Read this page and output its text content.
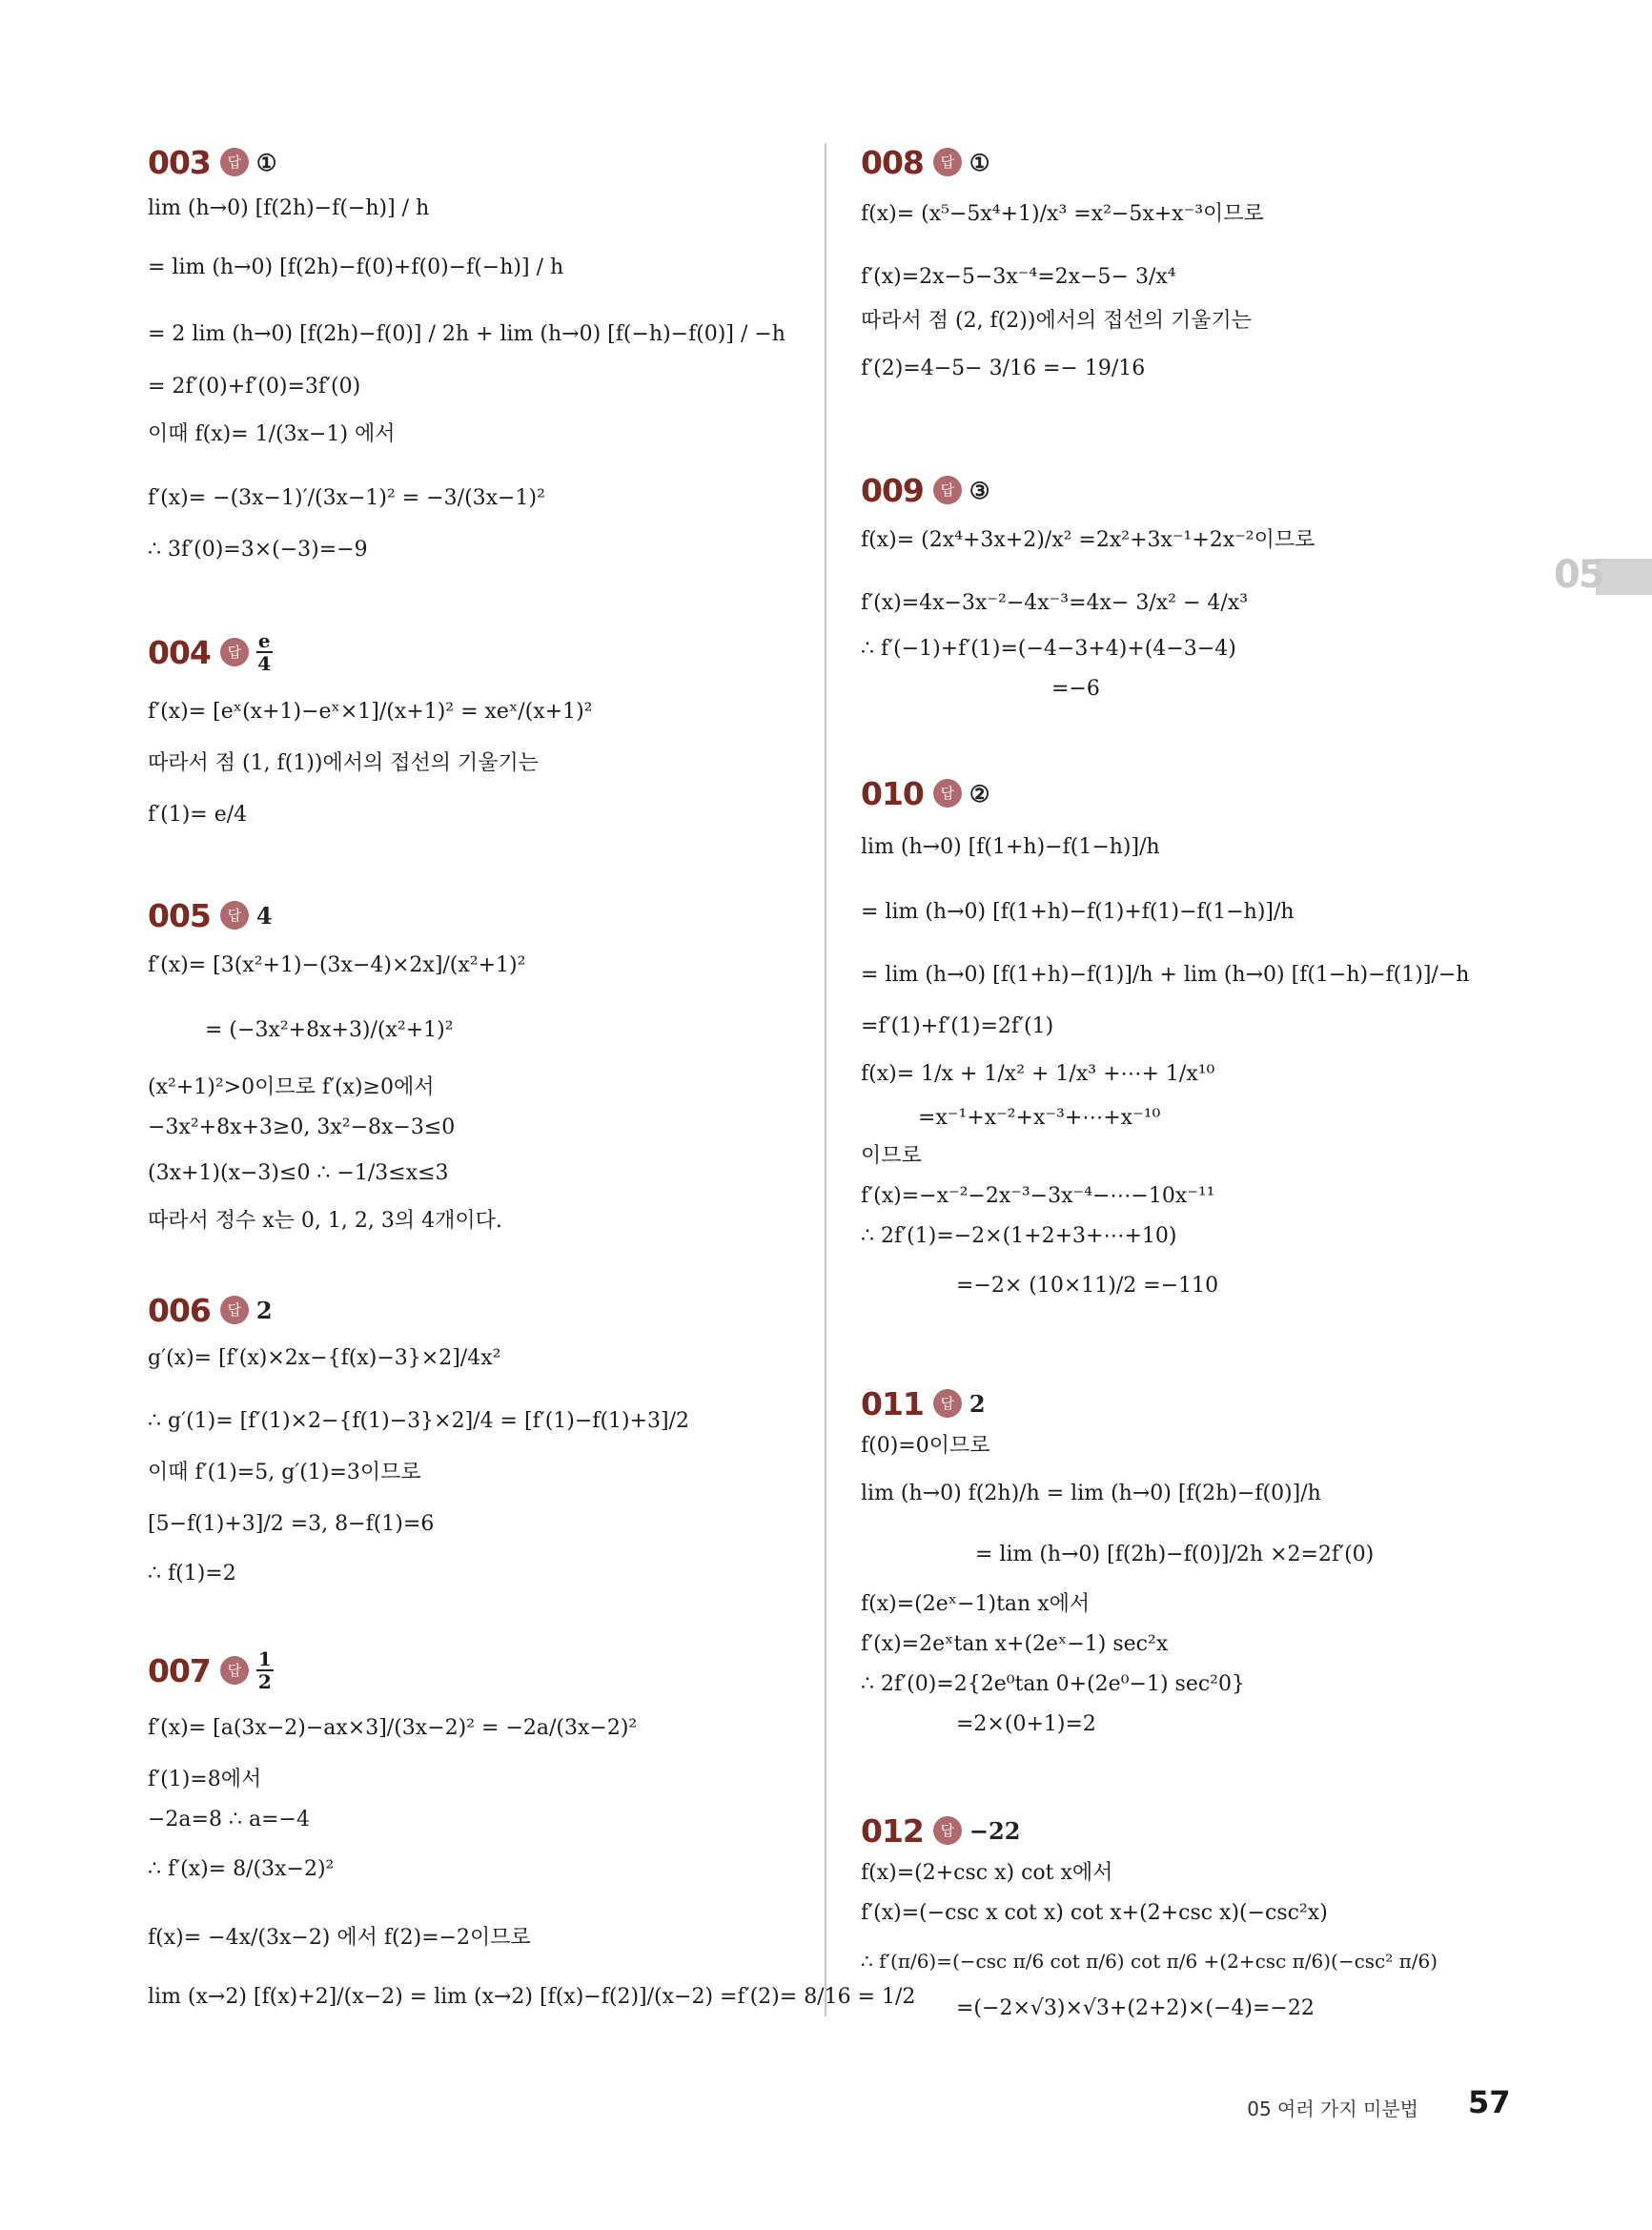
003	답 ①
lim (h→0) [f(2h)−f(−h)] / h
= lim (h→0) [f(2h)−f(0)+f(0)−f(−h)] / h
= 2 lim (h→0) [f(2h)−f(0)] / 2h + lim (h→0) [f(−h)−f(0)] / −h
= 2f′(0)+f′(0)=3f′(0)
이때 f(x)= 1/(3x−1) 에서
f′(x)= −(3x−1)′/(3x−1)² = −3/(3x−1)²
∴ 3f′(0)=3×(−3)=−9
004	답 $\frac{e}{4}$
f′(x)= [eˣ(x+1)−eˣ×1]/(x+1)² = xeˣ/(x+1)²
따라서 점 (1, f(1))에서의 접선의 기울기는
f′(1)= e/4
005	답 4
f′(x)= [3(x²+1)−(3x−4)×2x]/(x²+1)²
= (−3x²+8x+3)/(x²+1)²
(x²+1)²>0이므로 f′(x)≥0에서
−3x²+8x+3≥0, 3x²−8x−3≤0
(3x+1)(x−3)≤0 ∴ −1/3≤x≤3
따라서 정수 x는 0, 1, 2, 3의 4개이다.
006	답 2
g′(x)= [f′(x)×2x−{f(x)−3}×2]/4x²
∴ g′(1)= [f′(1)×2−{f(1)−3}×2]/4 = [f′(1)−f(1)+3]/2
이때 f′(1)=5, g′(1)=3이므로
[5−f(1)+3]/2 =3, 8−f(1)=6
∴ f(1)=2
007	답 $\frac{1}{2}$
f′(x)= [a(3x−2)−ax×3]/(3x−2)² = −2a/(3x−2)²
f′(1)=8에서
−2a=8 ∴ a=−4
∴ f′(x)= 8/(3x−2)²
f(x)= −4x/(3x−2) 에서 f(2)=−2이므로
lim (x→2) [f(x)+2]/(x−2) = lim (x→2) [f(x)−f(2)]/(x−2) =f′(2)= 8/16 = 1/2
008	답 ①
f(x)= (x⁵−5x⁴+1)/x³ =x²−5x+x⁻³이므로
f′(x)=2x−5−3x⁻⁴=2x−5− 3/x⁴
따라서 점 (2, f(2))에서의 접선의 기울기는
f′(2)=4−5− 3/16 =− 19/16
009	답 ③
f(x)= (2x⁴+3x+2)/x² =2x²+3x⁻¹+2x⁻²이므로
f′(x)=4x−3x⁻²−4x⁻³=4x− 3/x² − 4/x³
∴ f′(−1)+f′(1)=(−4−3+4)+(4−3−4)
=−6
010	답 ②
lim (h→0) [f(1+h)−f(1−h)]/h
= lim (h→0) [f(1+h)−f(1)+f(1)−f(1−h)]/h
= lim (h→0) [f(1+h)−f(1)]/h + lim (h→0) [f(1−h)−f(1)]/−h
=f′(1)+f′(1)=2f′(1)
f(x)= 1/x + 1/x² + 1/x³ +⋯+ 1/x¹⁰
=x⁻¹+x⁻²+x⁻³+⋯+x⁻¹⁰
이므로
f′(x)=−x⁻²−2x⁻³−3x⁻⁴−⋯−10x⁻¹¹
∴ 2f′(1)=−2×(1+2+3+⋯+10)
=−2× (10×11)/2 =−110
011	답 2
f(0)=0이므로
lim (h→0) f(2h)/h = lim (h→0) [f(2h)−f(0)]/h
= lim (h→0) [f(2h)−f(0)]/2h ×2=2f′(0)
f(x)=(2eˣ−1)tan x에서
f′(x)=2eˣtan x+(2eˣ−1) sec²x
∴ 2f′(0)=2{2e⁰tan 0+(2e⁰−1) sec²0}
=2×(0+1)=2
012	답 −22
f(x)=(2+csc x) cot x에서
f′(x)=(−csc x cot x) cot x+(2+csc x)(−csc²x)
∴ f′(π/6)=(−csc π/6 cot π/6) cot π/6 +(2+csc π/6)(−csc² π/6)
=(−2×√3)×√3+(2+2)×(−4)=−22
05
05 여러 가지 미분법 57
